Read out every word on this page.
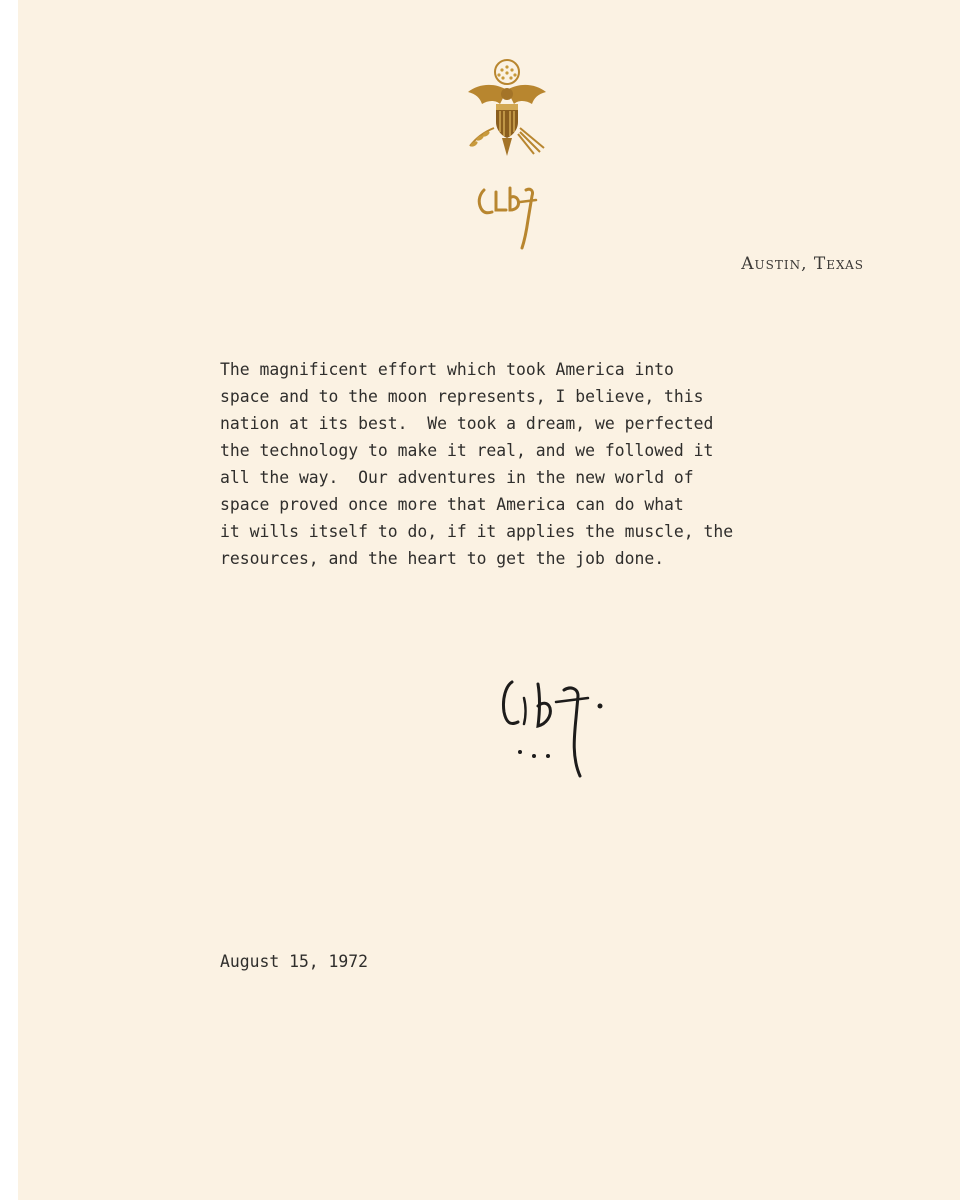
Austin, Texas
The magnificent effort which took America into
space and to the moon represents, I believe, this
nation at its best.  We took a dream, we perfected
the technology to make it real, and we followed it
all the way.  Our adventures in the new world of
space proved once more that America can do what
it wills itself to do, if it applies the muscle, the
resources, and the heart to get the job done.
August 15, 1972
